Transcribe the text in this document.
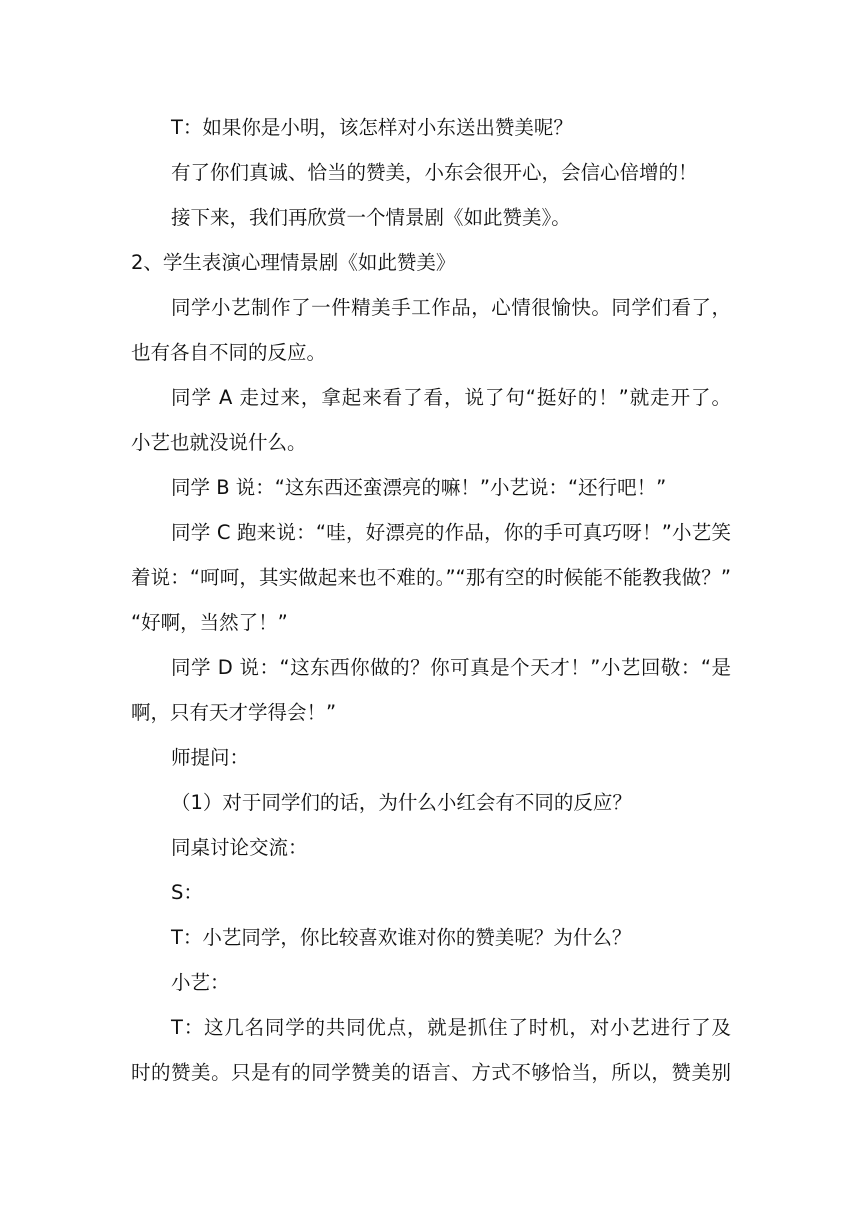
T：如果你是小明，该怎样对小东送出赞美呢？
有了你们真诚、恰当的赞美，小东会很开心，会信心倍增的！
接下来，我们再欣赏一个情景剧《如此赞美》。
2、学生表演心理情景剧《如此赞美》
同学小艺制作了一件精美手工作品，心情很愉快。同学们看了，
也有各自不同的反应。
同学 A 走过来，拿起来看了看，说了句“挺好的！”就走开了。
小艺也就没说什么。
同学 B 说：“这东西还蛮漂亮的嘛！”小艺说：“还行吧！”
同学 C 跑来说：“哇，好漂亮的作品，你的手可真巧呀！”小艺笑
着说：“呵呵，其实做起来也不难的。”“那有空的时候能不能教我做？”
“好啊，当然了！”
同学 D 说：“这东西你做的？你可真是个天才！”小艺回敬：“是
啊，只有天才学得会！”
师提问：
（1）对于同学们的话，为什么小红会有不同的反应？
同桌讨论交流：
S：
T：小艺同学，你比较喜欢谁对你的赞美呢？为什么？
小艺：
T：这几名同学的共同优点，就是抓住了时机，对小艺进行了及
时的赞美。只是有的同学赞美的语言、方式不够恰当，所以，赞美别
